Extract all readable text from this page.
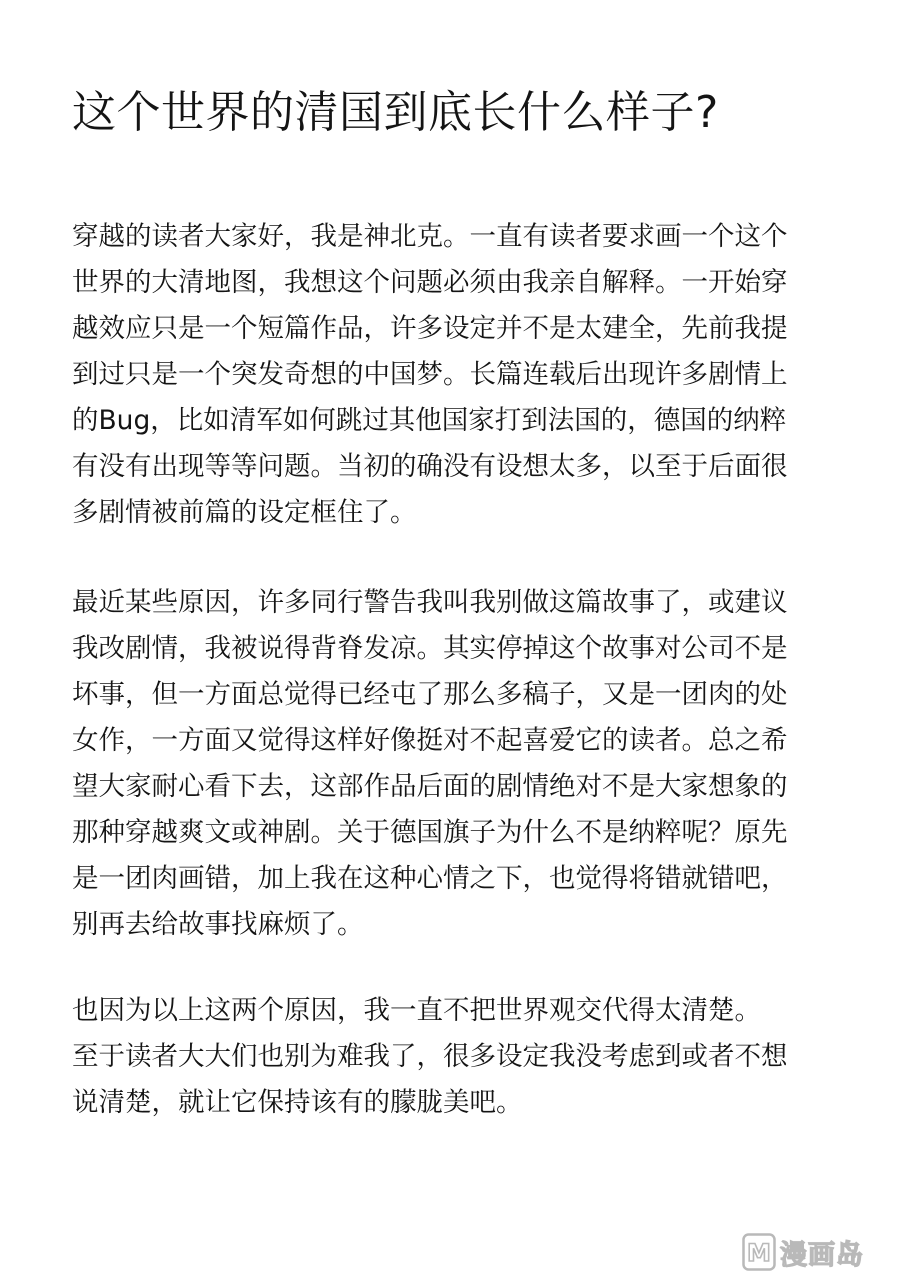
这个世界的清国到底长什么样子?

穿越的读者大家好，我是神北克。一直有读者要求画一个这个
世界的大清地图，我想这个问题必须由我亲自解释。一开始穿
越效应只是一个短篇作品，许多设定并不是太建全，先前我提
到过只是一个突发奇想的中国梦。长篇连载后出现许多剧情上
的Bug，比如清军如何跳过其他国家打到法国的，德国的纳粹
有没有出现等等问题。当初的确没有设想太多，以至于后面很
多剧情被前篇的设定框住了。

最近某些原因，许多同行警告我叫我别做这篇故事了，或建议
我改剧情，我被说得背脊发凉。其实停掉这个故事对公司不是
坏事，但一方面总觉得已经屯了那么多稿子，又是一团肉的处
女作，一方面又觉得这样好像挺对不起喜爱它的读者。总之希
望大家耐心看下去，这部作品后面的剧情绝对不是大家想象的
那种穿越爽文或神剧。关于德国旗子为什么不是纳粹呢？原先
是一团肉画错，加上我在这种心情之下，也觉得将错就错吧，
别再去给故事找麻烦了。

也因为以上这两个原因，我一直不把世界观交代得太清楚。
至于读者大大们也别为难我了，很多设定我没考虑到或者不想
说清楚，就让它保持该有的朦胧美吧。

M 漫画岛
